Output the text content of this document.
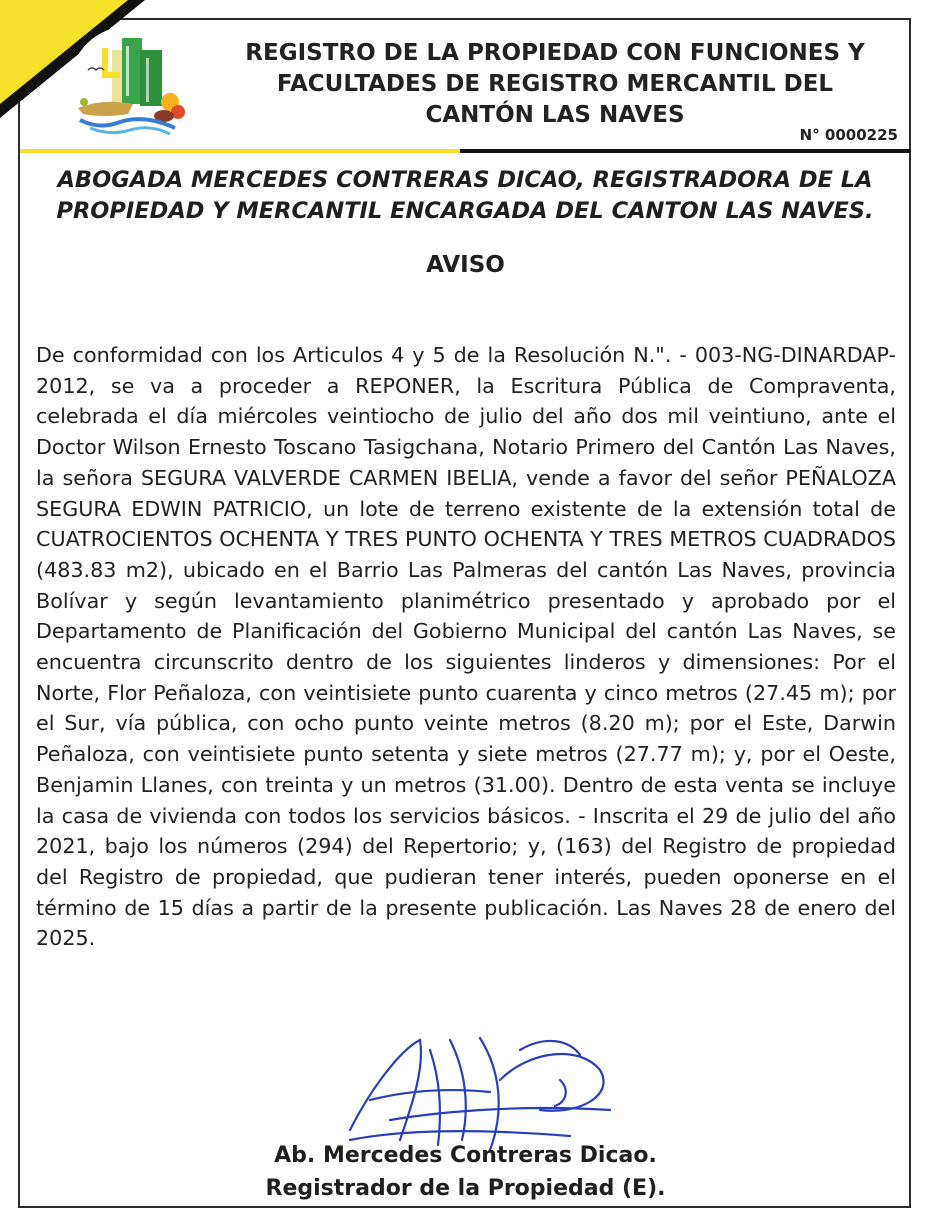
REGISTRO DE LA PROPIEDAD CON FUNCIONES Y
FACULTADES DE REGISTRO MERCANTIL DEL
CANTÓN LAS NAVES
N° 0000225
ABOGADA MERCEDES CONTRERAS DICAO, REGISTRADORA DE LA
PROPIEDAD Y MERCANTIL ENCARGADA DEL CANTON LAS NAVES.
AVISO

De conformidad con los Articulos 4 y 5 de la Resolución N.". - 003-NG-DINARDAP-2012, se va a proceder a REPONER, la Escritura Pública de Compraventa, celebrada el día miércoles veintiocho de julio del año dos mil veintiuno, ante el Doctor Wilson Ernesto Toscano Tasigchana, Notario Primero del Cantón Las Naves, la señora SEGURA VALVERDE CARMEN IBELIA, vende a favor del señor PEÑALOZA SEGURA EDWIN PATRICIO, un lote de terreno existente de la extensión total de CUATROCIENTOS OCHENTA Y TRES PUNTO OCHENTA Y TRES METROS CUADRADOS (483.83 m2), ubicado en el Barrio Las Palmeras del cantón Las Naves, provincia Bolívar y según levantamiento planimétrico presentado y aprobado por el Departamento de Planificación del Gobierno Municipal del cantón Las Naves, se encuentra circunscrito dentro de los siguientes linderos y dimensiones: Por el Norte, Flor Peñaloza, con veintisiete punto cuarenta y cinco metros (27.45 m); por el Sur, vía pública, con ocho punto veinte metros (8.20 m); por el Este, Darwin Peñaloza, con veintisiete punto setenta y siete metros (27.77 m); y, por el Oeste, Benjamin Llanes, con treinta y un metros (31.00). Dentro de esta venta se incluye la casa de vivienda con todos los servicios básicos. - Inscrita el 29 de julio del año 2021, bajo los números (294) del Repertorio; y, (163) del Registro de propiedad del Registro de propiedad, que pudieran tener interés, pueden oponerse en el término de 15 días a partir de la presente publicación. Las Naves 28 de enero del 2025.

Ab. Mercedes Contreras Dicao.
Registrador de la Propiedad (E).
